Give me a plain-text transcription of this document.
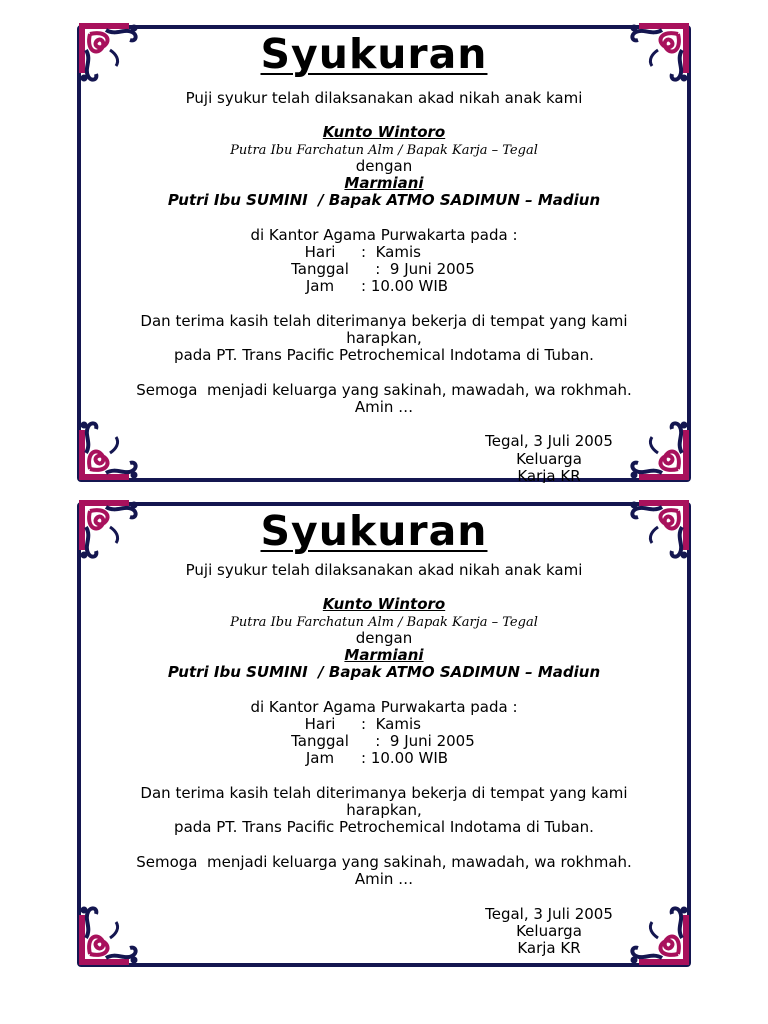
Syukuran
Puji syukur telah dilaksanakan akad nikah anak kami
Kunto Wintoro
Putra Ibu Farchatun Alm / Bapak Karja – Tegal
dengan
Marmiani
Putri Ibu SUMINI  / Bapak ATMO SADIMUN – Madiun
di Kantor Agama Purwakarta pada :
Hari :  Kamis
Tanggal   :  9 Juni 2005
Jam : 10.00 WIB
Dan terima kasih telah diterimanya bekerja di tempat yang kami
harapkan,
pada PT. Trans Pacific Petrochemical Indotama di Tuban.
Semoga  menjadi keluarga yang sakinah, mawadah, wa rokhmah.
Amin …
Tegal, 3 Juli 2005
Keluarga
Karja KR
Syukuran
Puji syukur telah dilaksanakan akad nikah anak kami
Kunto Wintoro
Putra Ibu Farchatun Alm / Bapak Karja – Tegal
dengan
Marmiani
Putri Ibu SUMINI  / Bapak ATMO SADIMUN – Madiun
di Kantor Agama Purwakarta pada :
Hari :  Kamis
Tanggal   :  9 Juni 2005
Jam : 10.00 WIB
Dan terima kasih telah diterimanya bekerja di tempat yang kami
harapkan,
pada PT. Trans Pacific Petrochemical Indotama di Tuban.
Semoga  menjadi keluarga yang sakinah, mawadah, wa rokhmah.
Amin …
Tegal, 3 Juli 2005
Keluarga
Karja KR
